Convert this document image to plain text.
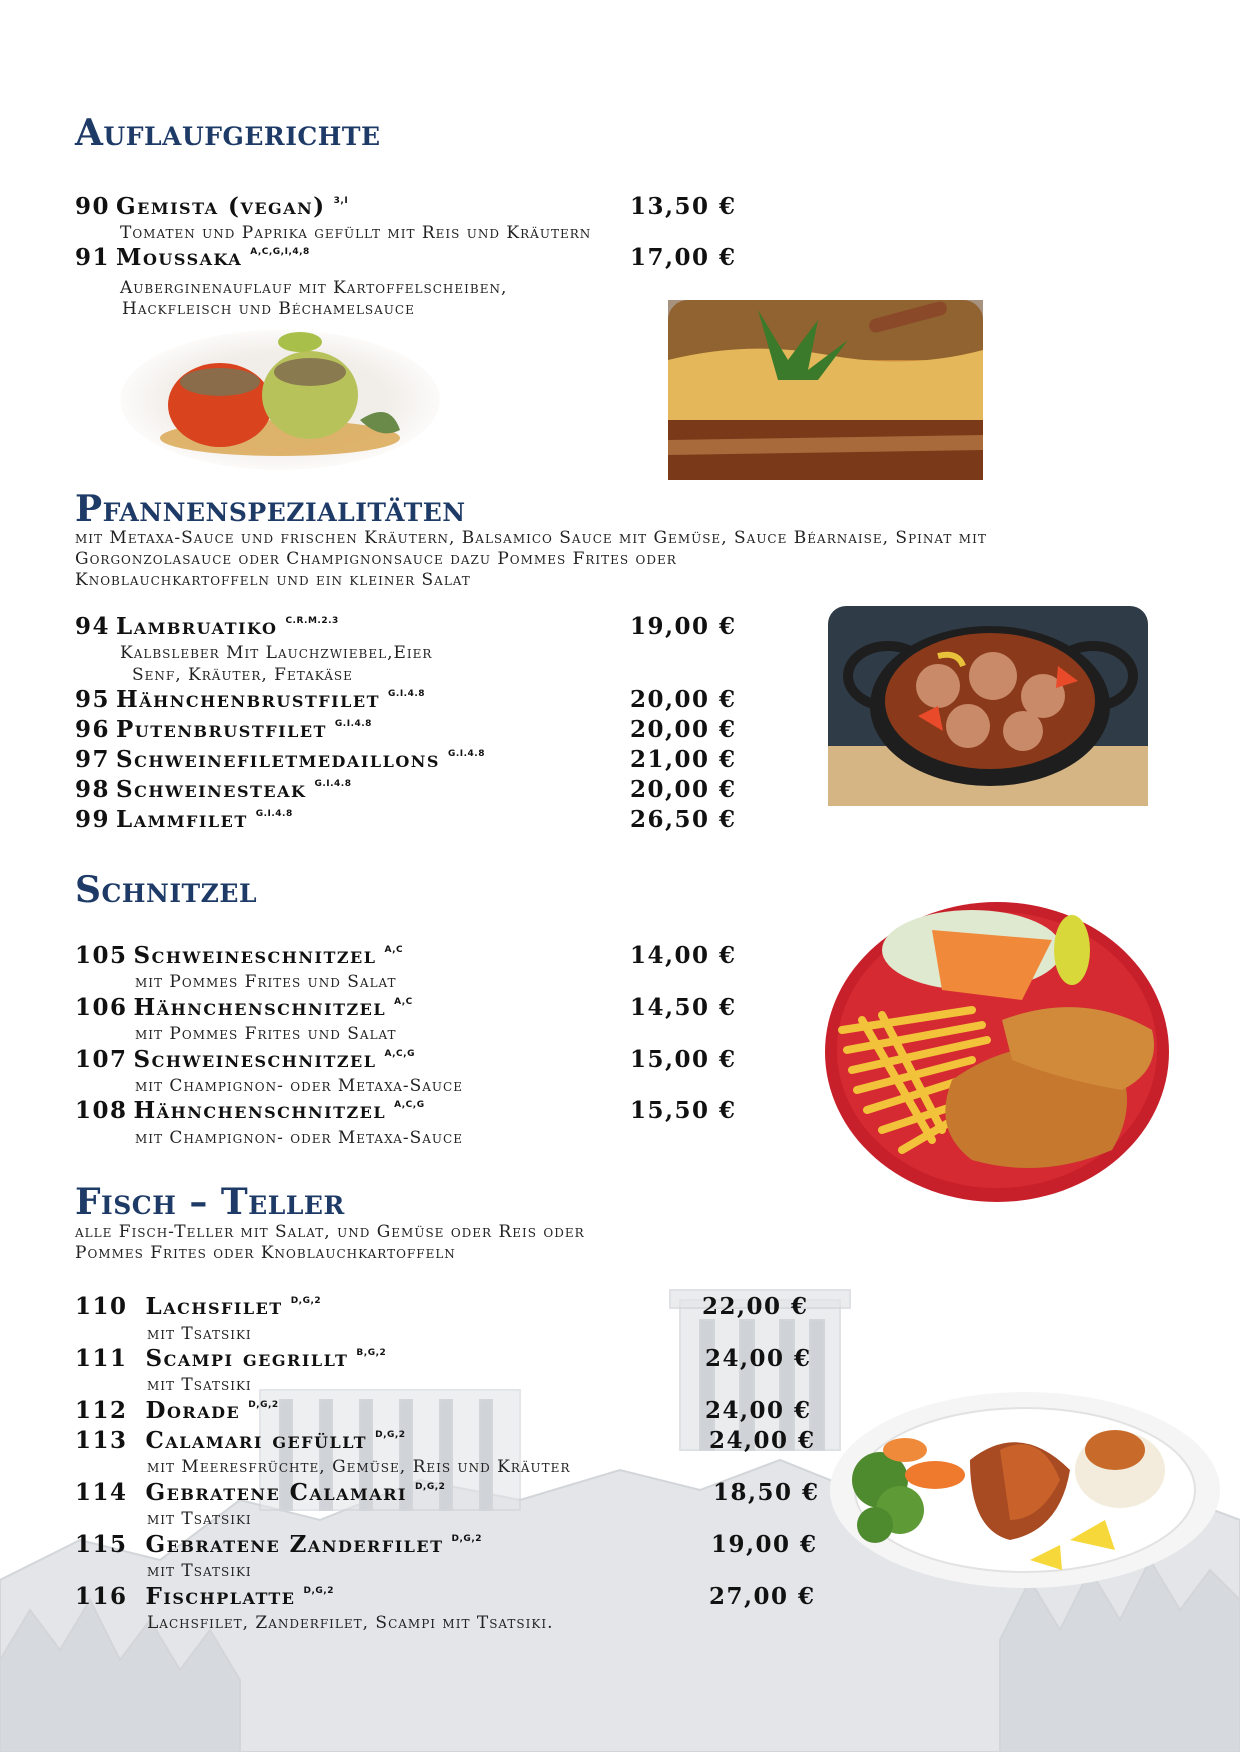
Auflaufgerichte
90 Gemista (vegan) $^{3,I}$	13,50 €
Tomaten und Paprika gefüllt mit Reis und Kräutern
91 Moussaka $^{A,C,G,I,4,8}$	17,00 €
Auberginenauflauf mit Kartoffelscheiben,
Hackfleisch und Béchamelsauce
Pfannenspezialitäten
mit Metaxa-Sauce und frischen Kräutern, Balsamico Sauce mit Gemüse, Sauce Béarnaise, Spinat mit
Gorgonzolasauce oder Champignonsauce dazu Pommes Frites oder
Knoblauchkartoffeln und ein kleiner Salat
94 Lambruatiko $^{C.R.M.2.3}$	19,00 €
Kalbsleber Mit Lauchzwiebel,Eier
Senf, Kräuter, Fetakäse
95 Hähnchenbrustfilet $^{G.I.4.8}$	20,00 €
96 Putenbrustfilet $^{G.I.4.8}$	20,00 €
97 Schweinefiletmedaillons $^{G.I.4.8}$	21,00 €
98 Schweinesteak $^{G.I.4.8}$	20,00 €
99 Lammfilet $^{G.I.4.8}$	26,50 €
Schnitzel
105 Schweineschnitzel $^{A,C}$	14,00 €
mit Pommes Frites und Salat
106 Hähnchenschnitzel $^{A,C}$	14,50 €
mit Pommes Frites und Salat
107 Schweineschnitzel $^{A,C,G}$	15,00 €
mit Champignon- oder Metaxa-Sauce
108 Hähnchenschnitzel $^{A,C,G}$	15,50 €
mit Champignon- oder Metaxa-Sauce
Fisch – Teller
alle Fisch-Teller mit Salat, und Gemüse oder Reis oder
Pommes Frites oder Knoblauchkartoffeln
110 Lachsfilet $^{D,G,2}$	22,00 €
mit Tsatsiki
111 Scampi gegrillt $^{B,G,2}$	24,00 €
mit Tsatsiki
112 Dorade $^{D,G,2}$	24,00 €
113 Calamari gefüllt $^{D,G,2}$	24,00 €
mit Meeresfrüchte, Gemüse, Reis und Kräuter
114 Gebratene Calamari $^{D,G,2}$	18,50 €
mit Tsatsiki
115 Gebratene Zanderfilet $^{D,G,2}$	19,00 €
mit Tsatsiki
116 Fischplatte $^{D,G,2}$	27,00 €
Lachsfilet, Zanderfilet, Scampi mit Tsatsiki.
